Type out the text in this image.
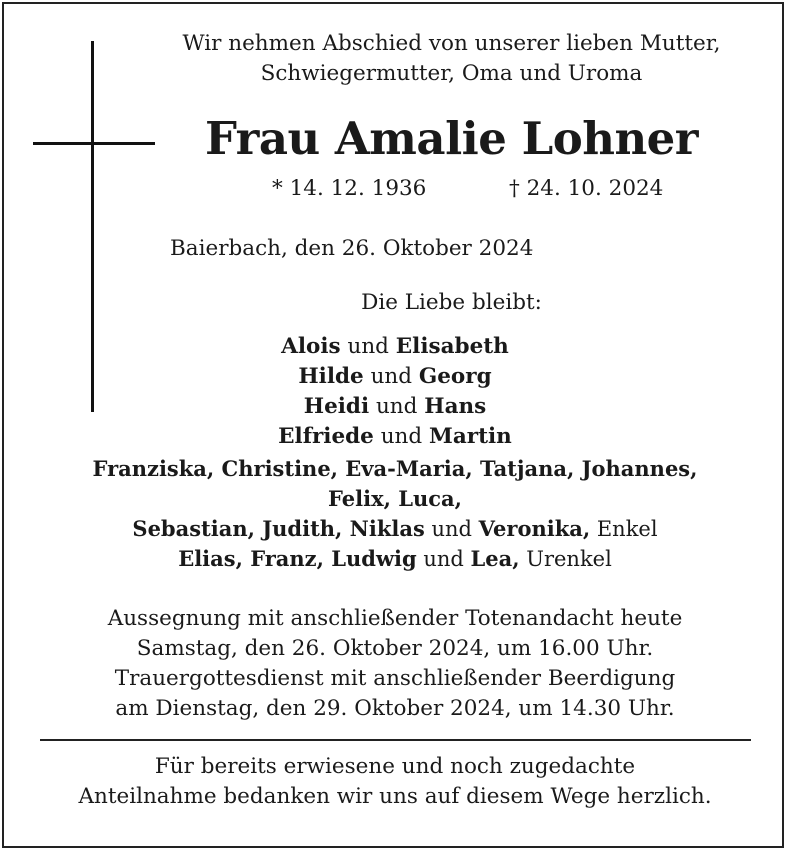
Wir nehmen Abschied von unserer lieben Mutter,
Schwiegermutter, Oma und Uroma
Frau Amalie Lohner
* 14. 12. 1936	† 24. 10. 2024
Baierbach, den 26. Oktober 2024
Die Liebe bleibt:
Alois und Elisabeth
Hilde und Georg
Heidi und Hans
Elfriede und Martin
Franziska, Christine, Eva-Maria, Tatjana, Johannes,
Felix, Luca,
Sebastian, Judith, Niklas und Veronika, Enkel
Elias, Franz, Ludwig und Lea, Urenkel
Aussegnung mit anschließender Totenandacht heute
Samstag, den 26. Oktober 2024, um 16.00 Uhr.
Trauergottesdienst mit anschließender Beerdigung
am Dienstag, den 29. Oktober 2024, um 14.30 Uhr.
Für bereits erwiesene und noch zugedachte
Anteilnahme bedanken wir uns auf diesem Wege herzlich.
